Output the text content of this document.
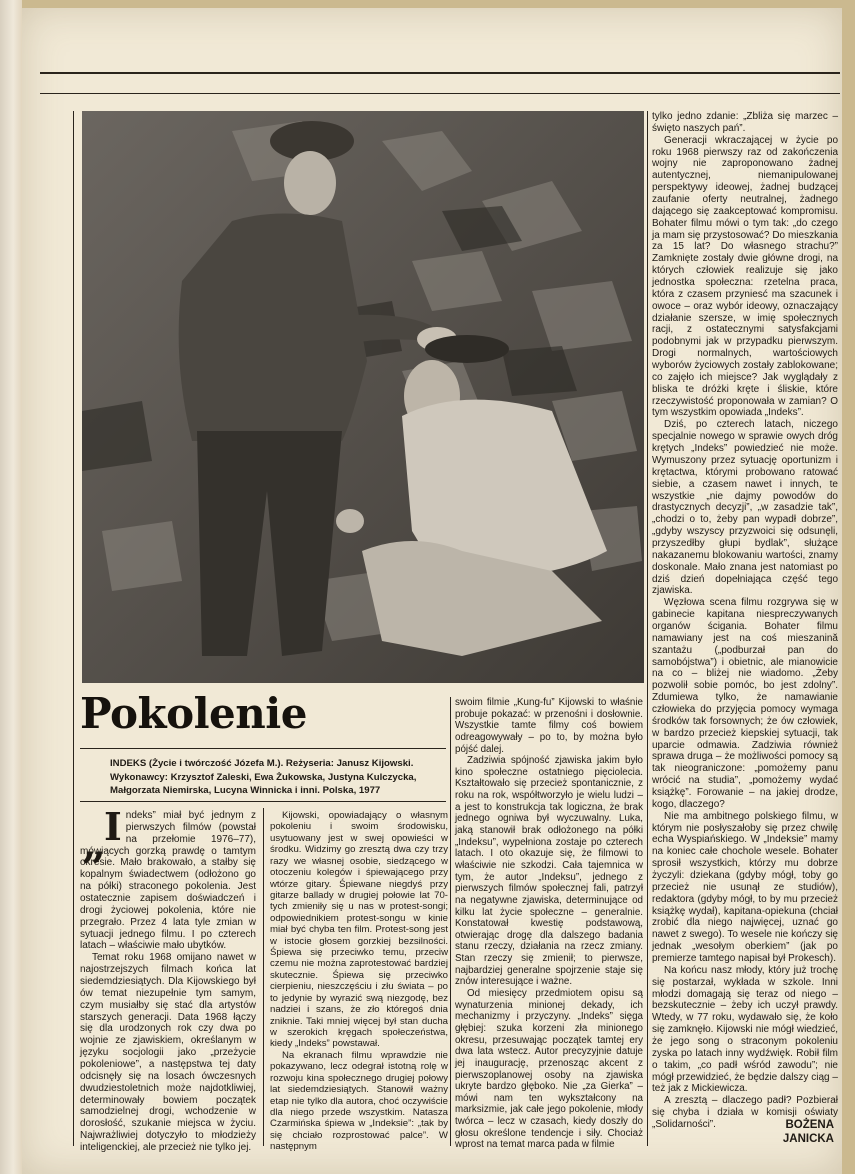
Pokolenie

INDEKS (Życie i twórczość Józefa M.). Reżyseria: Janusz Kijowski. Wykonawcy: Krzysztof Zaleski, Ewa Żukowska, Justyna Kulczycka, Małgorzata Niemirska, Lucyna Winnicka i inni. Polska, 1977

„
I ndeks” miał być jednym z pierwszych filmów (powstał na przełomie 1976–77), mówiących gorzką prawdę o tamtym okresie. Mało brakowało, a stałby się kopalnym świadectwem (odłożono go na półki) straconego pokolenia. Jest ostatecznie zapisem doświadczeń i drogi życiowej pokolenia, które nie przegrało. Przez 4 lata tyle zmian w sytuacji jednego filmu. I po czterech latach – właściwie mało ubytków.

Temat roku 1968 omijano nawet w najostrzejszych filmach końca lat siedemdziesiątych. Dla Kijowskiego był ów temat niezupełnie tym samym, czym musiałby się stać dla artystów starszych generacji. Data 1968 łączy się dla urodzonych rok czy dwa po wojnie ze zjawiskiem, określanym w języku socjologii jako „przeżycie pokoleniowe”, a następstwa tej daty odcisnęły się na losach ówczesnych dwudziestoletnich może najdotkliwiej, determinowały bowiem początek samodzielnej drogi, wchodzenie w dorosłość, szukanie miejsca w życiu. Najwrażliwiej dotyczyło to młodzieży inteligenckiej, ale przecież nie tylko jej.

Kijowski, opowiadający o własnym pokoleniu i swoim środowisku, usytuowany jest w swej opowieści w środku. Widzimy go zresztą dwa czy trzy razy we własnej osobie, siedzącego w otoczeniu kolegów i śpiewającego przy wtórze gitary. Śpiewane niegdyś przy gitarze ballady w drugiej połowie lat 70-tych zmieniły się u nas w protest-songi; odpowiednikiem protest-songu w kinie miał być chyba ten film. Protest-song jest w istocie głosem gorzkiej bezsilności. Śpiewa się przeciwko temu, przeciw czemu nie można zaprotestować bardziej skutecznie. Śpiewa się przeciwko cierpieniu, nieszczęściu i złu świata – po to jedynie by wyrazić swą niezgodę, bez nadziei i szans, że zło któregoś dnia zniknie. Taki mniej więcej był stan ducha w szerokich kręgach społeczeństwa, kiedy „Indeks” powstawał.

Na ekranach filmu wprawdzie nie pokazywano, lecz odegrał istotną rolę w rozwoju kina społecznego drugiej połowy lat siedemdziesiątych. Stanowił ważny etap nie tylko dla autora, choć oczywiście dla niego przede wszystkim. Natasza Czarmińska śpiewa w „Indeksie”: „tak by się chciało rozprostować palce”. W następnym

swoim filmie „Kung-fu” Kijowski to właśnie probuje pokazać: w przenośni i dosłownie. Wszystkie tamte filmy coś bowiem odreagowywały – po to, by można było pójść dalej.

Zadziwia spójność zjawiska jakim było kino społeczne ostatniego pięciolecia. Kształtowało się przecież spontanicznie, z roku na rok, współtworzyło je wielu ludzi – a jest to konstrukcja tak logiczna, że brak jednego ogniwa był wyczuwalny. Luka, jaką stanowił brak odłożonego na półki „Indeksu”, wypełniona zostaje po czterech latach. I oto okazuje się, że filmowi to właściwie nie szkodzi. Cała tajemnica w tym, że autor „Indeksu”, jednego z pierwszych filmów społecznej fali, patrzył na negatywne zjawiska, determinujące od kilku lat życie społeczne – generalnie. Konstatował kwestię podstawową, otwierając drogę dla dalszego badania stanu rzeczy, działania na rzecz zmiany. Stan rzeczy się zmienił; to pierwsze, najbardziej generalne spojrzenie staje się znów interesujące i ważne.

Od miesięcy przedmiotem opisu są wynaturzenia minionej dekady, ich mechanizmy i przyczyny. „Indeks” sięga głębiej: szuka korzeni zła minionego okresu, przesuwając początek tamtej ery dwa lata wstecz. Autor precyzyjnie datuje jej inaugurację, przenosząc akcent z pierwszoplanowej osoby na zjawiska ukryte bardzo głęboko. Nie „za Gierka” – mówi nam ten wykształcony na marksizmie, jak całe jego pokolenie, młody twórca – lecz w czasach, kiedy doszły do głosu określone tendencje i siły. Chociaż wprost na temat marca pada w filmie

tylko jedno zdanie: „Zbliża się marzec – święto naszych pań”.

Generacji wkraczającej w życie po roku 1968 pierwszy raz od zakończenia wojny nie zaproponowano żadnej autentycznej, niemanipulowanej perspektywy ideowej, żadnej budzącej zaufanie oferty neutralnej, żadnego dającego się zaakceptować kompromisu. Bohater filmu mówi o tym tak: „do czego ja mam się przystosować? Do mieszkania za 15 lat? Do własnego strachu?” Zamknięte zostały dwie główne drogi, na których człowiek realizuje się jako jednostka społeczna: rzetelna praca, która z czasem przyniesć ma szacunek i owoce – oraz wybór ideowy, oznaczający działanie szersze, w imię społecznych racji, z ostatecznymi satysfakcjami podobnymi jak w przypadku pierwszym. Drogi normalnych, wartościowych wyborów życiowych zostały zablokowane; co zajęło ich miejsce? Jak wyglądały z bliska te dróżki kręte i śliskie, które rzeczywistość proponowała w zamian? O tym wszystkim opowiada „Indeks”.

Dziś, po czterech latach, niczego specjalnie nowego w sprawie owych dróg krętych „Indeks” powiedzieć nie może. Wymuszony przez sytuację oportunizm i krętactwa, którymi probowano ratować siebie, a czasem nawet i innych, te wszystkie „nie dajmy powodów do drastycznych decyzji”, „w zasadzie tak”, „chodzi o to, żeby pan wypadł dobrze”, „gdyby wszyscy przyzwoici się odsunęli, przyszedłby głupi bydlak”, służące nakazanemu blokowaniu wartości, znamy doskonale. Mało znana jest natomiast po dziś dzień dopełniająca część tego zjawiska.

Węzłowa scena filmu rozgrywa się w gabinecie kapitana niespreczywanych organów ścigania. Bohater filmu namawiany jest na coś mieszanină szantażu („podburzał pan do samobójstwa”) i obietnic, ale mianowicie na co – bliżej nie wiadomo. „Żeby pozwolił sobie pomóc, bo jest zdolny”. Zdumiewa tylko, że namawianie człowieka do przyjęcia pomocy wymaga środków tak forsownych; że ów człowiek, w bardzo przecież kiepskiej sytuacji, tak uparcie odmawia. Zadziwia również sprawa druga – że możliwości pomocy są tak nieograniczone: „pomożemy panu wrócić na studia”, „pomożemy wydać książkę”. Forowanie – na jakiej drodze, kogo, dlaczego?

Nie ma ambitnego polskiego filmu, w którym nie posłyszałoby się przez chwilę echa Wyspiańskiego. W „Indeksie” mamy na koniec całe chochole wesele. Bohater sprosił wszystkich, którzy mu dobrze życzyli: dziekana (gdyby mógł, toby go przecież nie usunął ze studiów), redaktora (gdyby mógł, to by mu przecież książkę wydał), kapitana-opiekuna (chciał zrobić dla niego najwięcej, uznać go nawet z swego). To wesele nie kończy się jednak „wesołym oberkiem” (jak po premierze tamtego napisał był Prokesch).

Na końcu nasz młody, który już trochę się postarzał, wykłada w szkole. Inni młodzi domagają się teraz od niego – bezskutecznie – żeby ich uczył prawdy. Wtedy, w 77 roku, wydawało się, że koło się zamknęło. Kijowski nie mógł wiedzieć, że jego song o straconym pokoleniu zyska po latach inny wydźwięk. Robił film o takim, „co padł wśród zawodu”; nie mógł przewidzieć, że będzie dalszy ciąg – też jak z Mickiewicza.

A zresztą – dlaczego padł? Pozbierał się chyba i działa w komisji oświaty „Solidarności”.	BOŻENA
JANICKA
